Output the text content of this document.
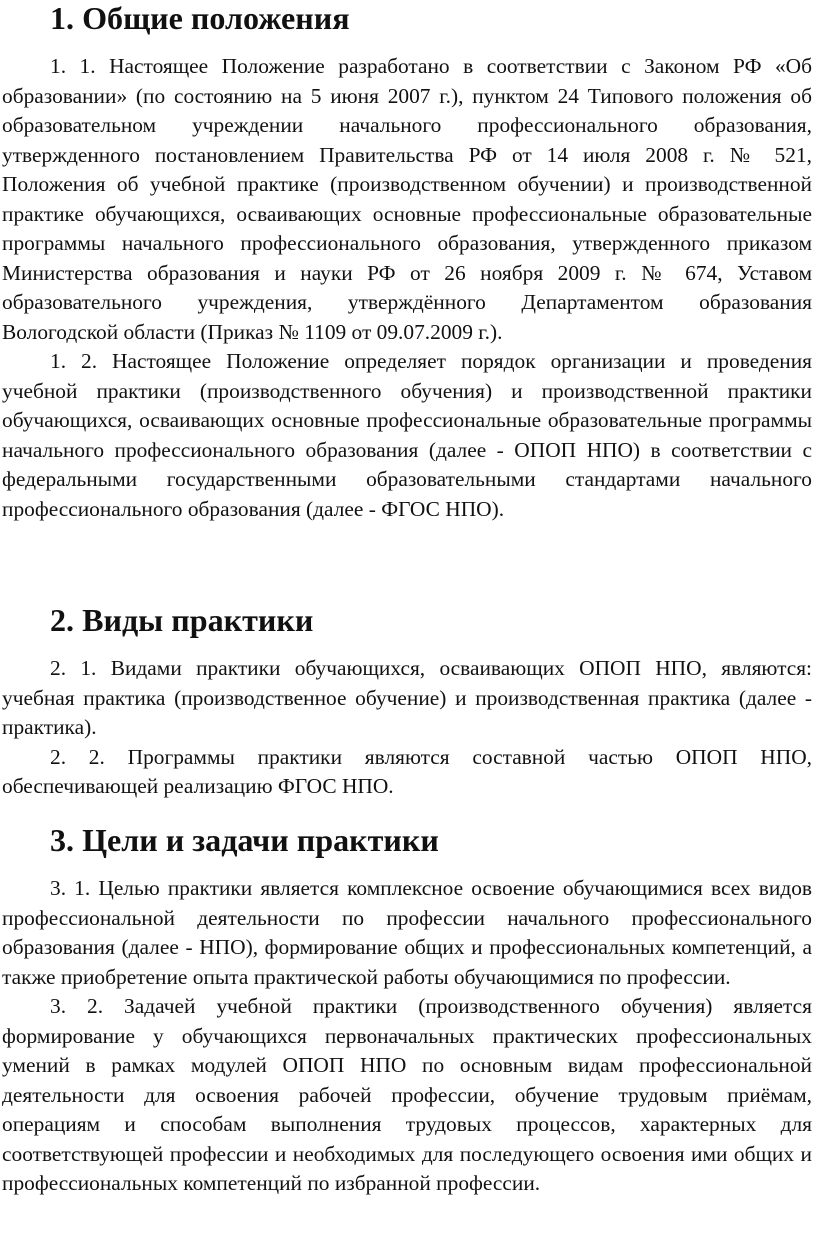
1. Общие положения

1. 1. Настоящее Положение разработано в соответствии с Законом РФ «Об образовании» (по состоянию на 5 июня 2007 г.), пунктом 24 Типового положения об образовательном учреждении начального профессионального образования, утвержденного постановлением Правительства РФ от 14 июля 2008 г. № 521, Положения об учебной практике (производственном обучении) и производственной практике обучающихся, осваивающих основные профессиональные образовательные программы начального профессионального образования, утвержденного приказом Министерства образования и науки РФ от 26 ноября 2009 г. № 674, Уставом образовательного учреждения, утверждённого Департаментом образования Вологодской области (Приказ № 1109 от 09.07.2009 г.).

1. 2. Настоящее Положение определяет порядок организации и проведения учебной практики (производственного обучения) и производственной практики обучающихся, осваивающих основные профессиональные образовательные программы начального профессионального образования (далее - ОПОП НПО) в соответствии с федеральными государственными образовательными стандартами начального профессионального образования (далее - ФГОС НПО).

2. Виды практики

2. 1. Видами практики обучающихся, осваивающих ОПОП НПО, являются: учебная практика (производственное обучение) и производственная практика (далее - практика).

2. 2. Программы практики являются составной частью ОПОП НПО, обеспечивающей реализацию ФГОС НПО.

3. Цели и задачи практики

3. 1. Целью практики является комплексное освоение обучающимися всех видов профессиональной деятельности по профессии начального профессионального образования (далее - НПО), формирование общих и профессиональных компетенций, а также приобретение опыта практической работы обучающимися по профессии.

3. 2. Задачей учебной практики (производственного обучения) является формирование у обучающихся первоначальных практических профессиональных умений в рамках модулей ОПОП НПО по основным видам профессиональной деятельности для освоения рабочей профессии, обучение трудовым приёмам, операциям и способам выполнения трудовых процессов, характерных для соответствующей профессии и необходимых для последующего освоения ими общих и профессиональных компетенций по избранной профессии.
